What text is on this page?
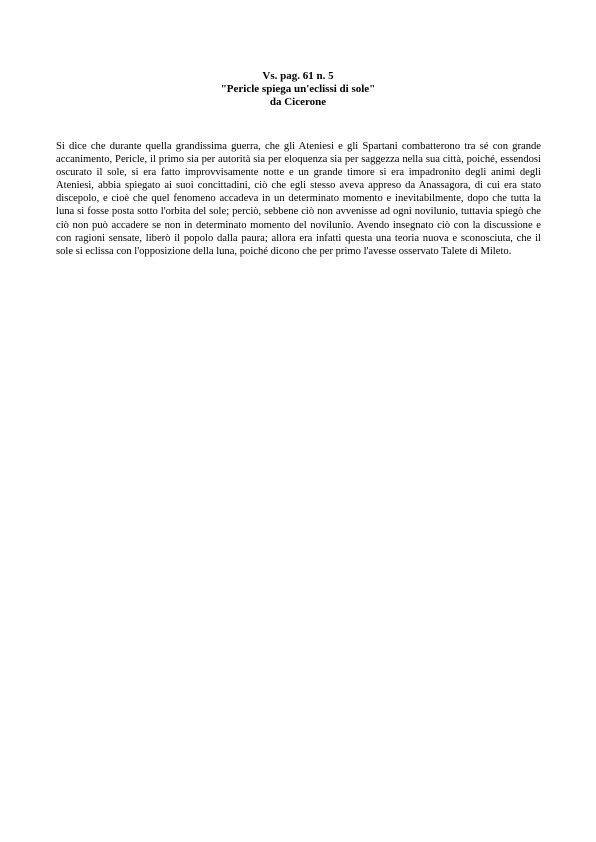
Vs. pag. 61 n. 5
"Pericle spiega un'eclissi di sole"
da Cicerone

Si dice che durante quella grandissima guerra, che gli Ateniesi e gli Spartani combatterono tra sé con grande accanimento, Pericle, il primo sia per autorità sia per eloquenza sia per saggezza nella sua città, poiché, essendosi oscurato il sole, si era fatto improvvisamente notte e un grande timore si era impadronito degli animi degli Ateniesi, abbia spiegato ai suoi concittadini, ciò che egli stesso aveva appreso da Anassagora, di cui era stato discepolo, e cioè che quel fenomeno accadeva in un determinato momento e inevitabilmente, dopo che tutta la luna si fosse posta sotto l'orbita del sole; perciò, sebbene ciò non avvenisse ad ogni novilunio, tuttavia spiegò che ciò non può accadere se non in determinato momento del novilunio. Avendo insegnato ciò con la discussione e con ragioni sensate, liberò il popolo dalla paura; allora era infatti questa una teoria nuova e sconosciuta, che il sole si eclissa con l'opposizione della luna, poiché dicono che per primo l'avesse osservato Talete di Mileto.
